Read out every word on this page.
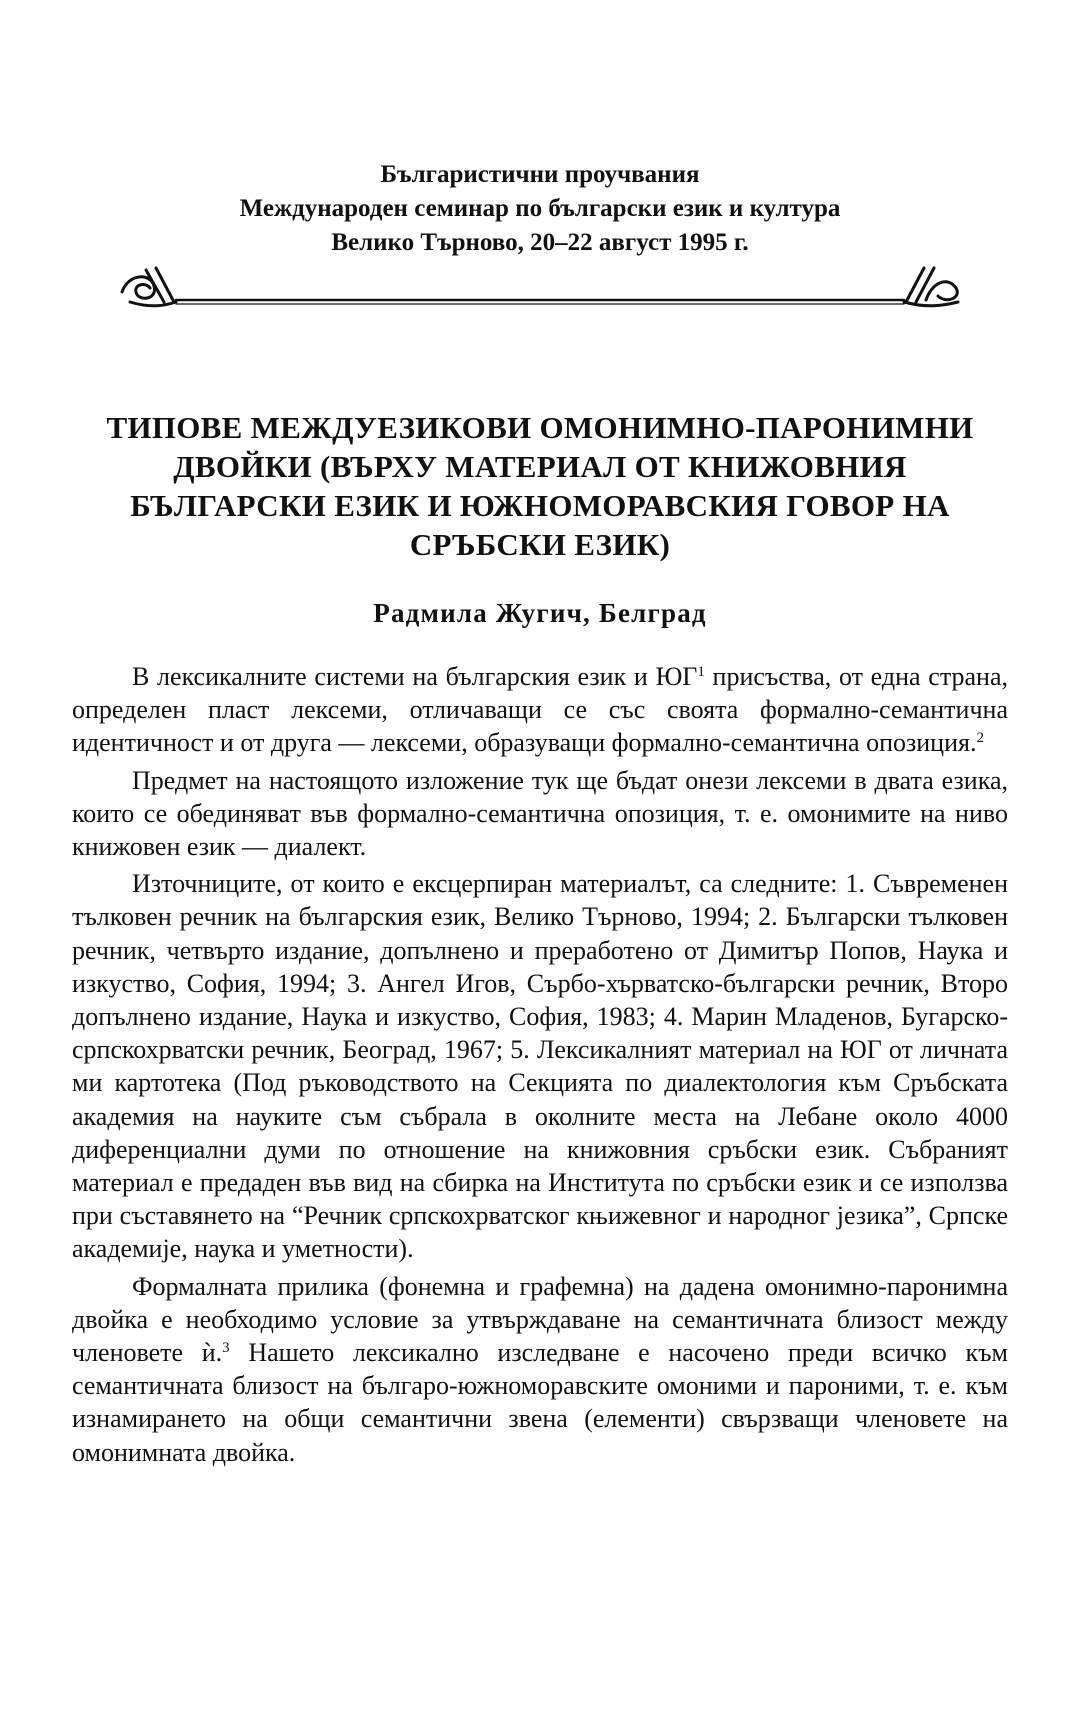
Българистични проучвания
Международен семинар по български език и култура
Велико Търново, 20–22 август 1995 г.
ТИПОВЕ МЕЖДУЕЗИКОВИ ОМОНИМНО-ПАРОНИМНИ
ДВОЙКИ (ВЪРХУ МАТЕРИАЛ ОТ КНИЖОВНИЯ
БЪЛГАРСКИ ЕЗИК И ЮЖНОМОРАВСКИЯ ГОВОР НА
СРЪБСКИ ЕЗИК)
Радмила Жугич, Белград

В лексикалните системи на българския език и $ЮГ^1$ присъства, от една страна, определен пласт лексеми, отличаващи се със своята формално-семантична идентичност и от друга — лексеми, образуващи формално-семантична опозиция.$^2$

Предмет на настоящото изложение тук ще бъдат онези лексеми в двата езика, които се обединяват във формално-семантична опозиция, т. е. омонимите на ниво книжовен език — диалект.

Източниците, от които е ексцерпиран материалът, са следните: 1. Съвременен тълковен речник на българския език, Велико Търново, 1994; 2. Български тълковен речник, четвърто издание, допълнено и преработено от Димитър Попов, Наука и изкуство, София, 1994; 3. Ангел Игов, Сърбо-хърватско-български речник, Второ допълнено издание, Наука и изкуство, София, 1983; 4. Марин Младенов, Бугарско-српскохрватски речник, Београд, 1967; 5. Лексикалният материал на ЮГ от личната ми картотека (Под ръководството на Секцията по диалектология към Сръбската академия на науките съм събрала в околните места на Лебане около 4000 диференциални думи по отношение на книжовния сръбски език. Събраният материал е предаден във вид на сбирка на Института по сръбски език и се използва при съставянето на “Речник српскохрватског књижевног и народног језика”, Српске академије, наука и уметности).

Формалната прилика (фонемна и графемна) на дадена омонимно-паронимна двойка е необходимо условие за утвърждаване на семантичната близост между членовете ѝ.$^3$ Нашето лексикално изследване е насочено преди всичко към семантичната близост на българо-южноморавските омоними и пароними, т. е. към изнамирането на общи семантични звена (елементи) свързващи членовете на омонимната двойка.
